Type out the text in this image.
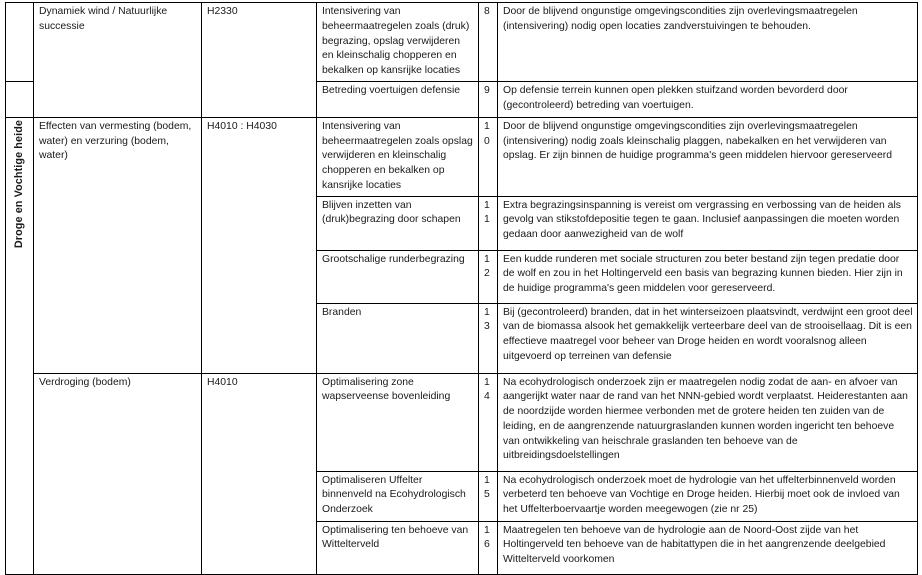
	Dynamiek wind / Natuurlijke successie	H2330	Intensivering van beheermaatregelen zoals (druk) begrazing, opslag verwijderen en kleinschalig chopperen en bekalken op kansrijke locaties	8	Door de blijvend ongunstige omgevingscondities zijn overlevingsmaatregelen (intensivering) nodig open locaties zandverstuivingen te behouden.
			Betreding voertuigen defensie	9	Op defensie terrein kunnen open plekken stuifzand worden bevorderd door (gecontroleerd) betreding van voertuigen.

Droge en Vochtige heide	Effecten van vermesting (bodem, water) en verzuring (bodem, water)	H4010 : H4030	Intensivering van beheermaatregelen zoals opslag verwijderen en kleinschalig chopperen en bekalken op kansrijke locaties	10	Door de blijvend ongunstige omgevingscondities zijn overlevingsmaatregelen (intensivering) nodig zoals kleinschalig plaggen, nabekalken en het verwijderen van opslag. Er zijn binnen de huidige programma's geen middelen hiervoor gereserveerd
			Blijven inzetten van (druk)begrazing door schapen	11	Extra begrazingsinspanning is vereist om vergrassing en verbossing van de heiden als gevolg van stikstofdepositie tegen te gaan. Inclusief aanpassingen die moeten worden gedaan door aanwezigheid van de wolf
			Grootschalige runderbegrazing	12	Een kudde runderen met sociale structuren zou beter bestand zijn tegen predatie door de wolf en zou in het Holtingerveld een basis van begrazing kunnen bieden. Hier zijn in de huidige programma's geen middelen voor gereserveerd.
			Branden	13	Bij (gecontroleerd) branden, dat in het winterseizoen plaatsvindt, verdwijnt een groot deel van de biomassa alsook het gemakkelijk verteerbare deel van de strooisellaag. Dit is een effectieve maatregel voor beheer van Droge heiden en wordt vooralsnog alleen uitgevoerd op terreinen van defensie
	Verdroging (bodem)	H4010	Optimalisering zone wapserveense bovenleiding	14	Na ecohydrologisch onderzoek zijn er maatregelen nodig zodat de aan- en afvoer van aangerijkt water naar de rand van het NNN-gebied wordt verplaatst. Heiderestanten aan de noordzijde worden hiermee verbonden met de grotere heiden ten zuiden van de leiding, en de aangrenzende natuurgraslanden kunnen worden ingericht ten behoeve van ontwikkeling van heischrale graslanden ten behoeve van de uitbreidingsdoelstellingen
			Optimaliseren Uffelter binnenveld na Ecohydrologisch Onderzoek	15	Na ecohydrologisch onderzoek moet de hydrologie van het uffelterbinnenveld worden verbeterd ten behoeve van Vochtige en Droge heiden. Hierbij moet ook de invloed van het Uffelterboervaartje worden meegewogen (zie nr 25)
			Optimalisering ten behoeve van Wittelterveld	16	Maatregelen ten behoeve van de hydrologie aan de Noord-Oost zijde van het Holtingerveld ten behoeve van de habitattypen die in het aangrenzende deelgebied Wittelterveld voorkomen
